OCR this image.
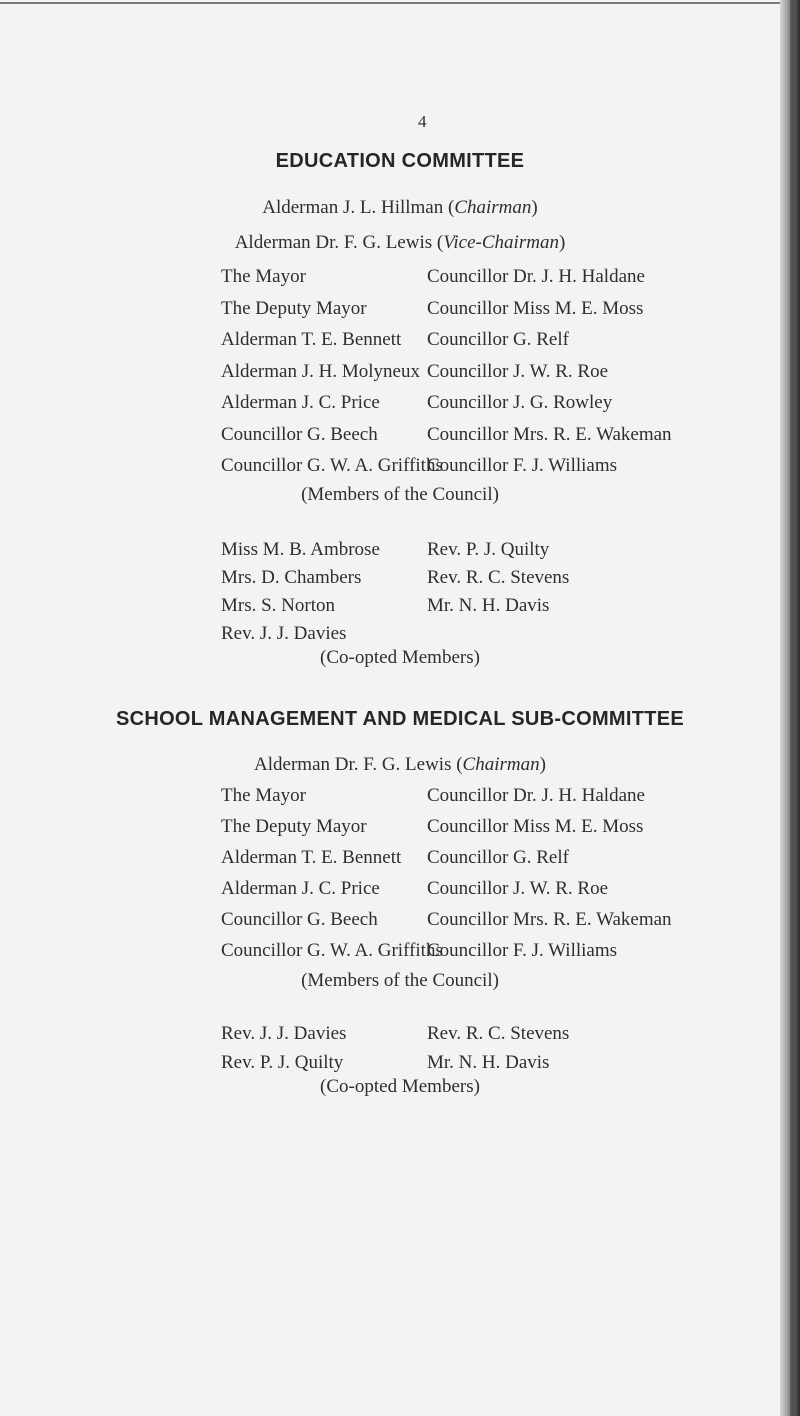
4
EDUCATION COMMITTEE
Alderman J. L. Hillman (Chairman)
Alderman Dr. F. G. Lewis (Vice-Chairman)
The Mayor
The Deputy Mayor
Alderman T. E. Bennett
Alderman J. H. Molyneux
Alderman J. C. Price
Councillor G. Beech
Councillor G. W. A. Griffiths
Councillor Dr. J. H. Haldane
Councillor Miss M. E. Moss
Councillor G. Relf
Councillor J. W. R. Roe
Councillor J. G. Rowley
Councillor Mrs. R. E. Wakeman
Councillor F. J. Williams
(Members of the Council)
Miss M. B. Ambrose
Mrs. D. Chambers
Mrs. S. Norton
Rev. J. J. Davies
Rev. P. J. Quilty
Rev. R. C. Stevens
Mr. N. H. Davis
(Co-opted Members)
SCHOOL MANAGEMENT AND MEDICAL SUB-COMMITTEE
Alderman Dr. F. G. Lewis (Chairman)
The Mayor
The Deputy Mayor
Alderman T. E. Bennett
Alderman J. C. Price
Councillor G. Beech
Councillor G. W. A. Griffiths
Councillor Dr. J. H. Haldane
Councillor Miss M. E. Moss
Councillor G. Relf
Councillor J. W. R. Roe
Councillor Mrs. R. E. Wakeman
Councillor F. J. Williams
(Members of the Council)
Rev. J. J. Davies
Rev. P. J. Quilty
Rev. R. C. Stevens
Mr. N. H. Davis
(Co-opted Members)
